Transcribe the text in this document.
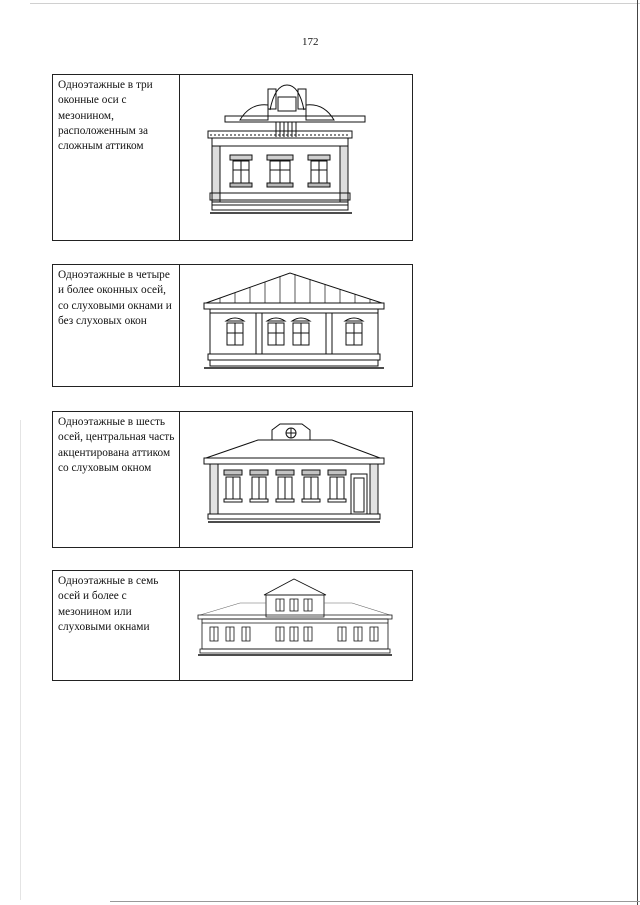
172
Одноэтажные в три оконные оси с мезонином, расположенным за сложным аттиком
Одноэтажные в четыре и более оконных осей, со слуховыми окнами и без слуховых окон
Одноэтажные в шесть осей, центральная часть акцентирована аттиком со слуховым окном
Одноэтажные в семь осей и более с мезонином или слуховыми окнами
